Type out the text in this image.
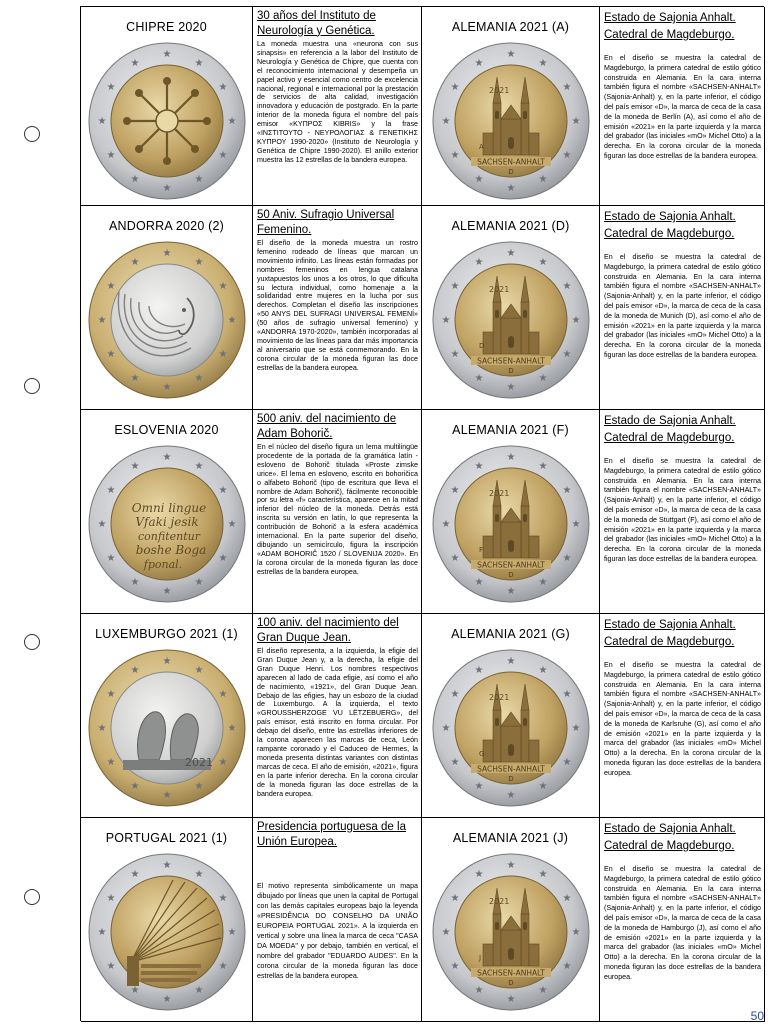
CHIPRE 2020
30 años del Instituto de Neurología y Genética.
La moneda muestra una «neurona con sus sinapsis» en referencia a la labor del Instituto de Neurología y Genética de Chipre, que cuenta con el reconocimiento internacional y desempeña un papel activo y esencial como centro de excelencia nacional, regional e internacional por la prestación de servicios de alta calidad, investigación innovadora y educación de postgrado. En la parte interior de la moneda figura el nombre del país emisor «ΚΥΠΡΟΣ KIBRIS» y la frase «ΙΝΣΤΙΤΟΥΤΟ - ΝΕΥΡΟΛΟΓΙΑΣ & ΓΕΝΕΤΙΚΗΣ ΚΥΠΡΟΥ 1990-2020» (Instituto de Neurología y Genética de Chipre 1990-2020). El anillo exterior muestra las 12 estrellas de la bandera europea.
ALEMANIA 2021 (A)
2021
SACHSEN-ANHALT
D
A
Estado de Sajonia Anhalt. Catedral de Magdeburgo.
En el diseño se muestra la catedral de Magdeburgo, la primera catedral de estilo gótico construida en Alemania. En la cara interna también figura el nombre «SACHSEN-ANHALT» (Sajonia-Anhalt) y, en la parte inferior, el código del país emisor «D», la marca de ceca de la casa de la moneda de Berlín (A), así como el año de emisión «2021» en la parte izquierda y la marca del grabador (las iniciales «mO» Michel Otto) a la derecha. En la corona circular de la moneda figuran las doce estrellas de la bandera europea.
ANDORRA 2020 (2)
50 Aniv. Sufragio Universal Femenino.
El diseño de la moneda muestra un rostro femenino rodeado de líneas que marcan un movimiento infinito. Las líneas están formadas por nombres femeninos en lengua catalana yuxtapuestos los unos a los otros, lo que dificulta su lectura individual, como homenaje a la solidaridad entre mujeres en la lucha por sus derechos. Completan el diseño las inscripciones «50 ANYS DEL SUFRAGI UNIVERSAL FEMENÍ» (50 años de sufragio universal femenino) y «ANDORRA 1970-2020», también incorporadas al movimiento de las líneas para dar más importancia al aniversario que se está conmemorando. En la corona circular de la moneda figuran las doce estrellas de la bandera europea.
ALEMANIA 2021 (D)
2021
SACHSEN-ANHALT
D
D
Estado de Sajonia Anhalt. Catedral de Magdeburgo.
En el diseño se muestra la catedral de Magdeburgo, la primera catedral de estilo gótico construida en Alemania. En la cara interna también figura el nombre «SACHSEN-ANHALT» (Sajonia-Anhalt) y, en la parte inferior, el código del país emisor «D», la marca de ceca de la casa de la moneda de Munich (D), así como el año de emisión «2021» en la parte izquierda y la marca del grabador (las iniciales «mO» Michel Otto) a la derecha. En la corona circular de la moneda figuran las doce estrellas de la bandera europea.
ESLOVENIA 2020
Omni lingue
Vfaki jesik
confitentur
boshe Boga
fponal.
500 aniv. del nacimiento de Adam Bohorič.
En el núcleo del diseño figura un lema multilingüe procedente de la portada de la gramática latín - esloveno de Bohorič titulada «Proste zimske urice». El lema en esloveno, escrito en bohoričica o alfabeto Bohorič (tipo de escritura que lleva el nombre de Adam Bohorič), fácilmente reconocible por su letra «f» característica, aparece en la mitad inferior del núcleo de la moneda. Detrás está inscrita su versión en latín, lo que representa la contribución de Bohorič a la esfera académica internacional. En la parte superior del diseño, dibujando un semicírculo, figura la inscripción «ADAM BOHORIČ 1520 / SLOVENIJA 2020». En la corona circular de la moneda figuran las doce estrellas de la bandera europea.
ALEMANIA 2021 (F)
2021
SACHSEN-ANHALT
D
F
Estado de Sajonia Anhalt. Catedral de Magdeburgo.
En el diseño se muestra la catedral de Magdeburgo, la primera catedral de estilo gótico construida en Alemania. En la cara interna también figura el nombre «SACHSEN-ANHALT» (Sajonia-Anhalt) y, en la parte inferior, el código del país emisor «D», la marca de ceca de la casa de la moneda de Stuttgart (F), así como el año de emisión «2021» en la parte izquierda y la marca del grabador (las iniciales «mO» Michel Otto) a la derecha. En la corona circular de la moneda figuran las doce estrellas de la bandera europea.
LUXEMBURGO 2021 (1)
2021
100 aniv. del nacimiento del Gran Duque Jean.
El diseño representa, a la izquierda, la efigie del Gran Duque Jean y, a la derecha, la efigie del Gran Duque Henri. Los nombres respectivos aparecen al lado de cada efigie, así como el año de nacimiento, «1921», del Gran Duque Jean. Debajo de las efigies, hay un esbozo de la ciudad de Luxemburgo. A la izquierda, el texto «GROUSSHERZOGE VU LËTZEBUERG», del país emisor, está inscrito en forma circular. Por debajo del diseño, entre las estrellas inferiores de la corona aparecen las marcas de ceca, León rampante coronado y el Caduceo de Hermes, la moneda presenta distintas variantes con distintas marcas de ceca. El año de emisión, «2021», figura en la parte inferior derecha. En la corona circular de la moneda figuran las doce estrellas de la bandera europea.
ALEMANIA 2021 (G)
2021
SACHSEN-ANHALT
D
G
Estado de Sajonia Anhalt. Catedral de Magdeburgo.
En el diseño se muestra la catedral de Magdeburgo, la primera catedral de estilo gótico construida en Alemania. En la cara interna también figura el nombre «SACHSEN-ANHALT» (Sajonia-Anhalt) y, en la parte inferior, el código del país emisor «D», la marca de ceca de la casa de la moneda de Karlsruhe (G), así como el año de emisión «2021» en la parte izquierda y la marca del grabador (las iniciales «mO» Michel Otto) a la derecha. En la corona circular de la moneda figuran las doce estrellas de la bandera europea.
PORTUGAL 2021 (1)
Presidencia portuguesa de la Unión Europea.
El motivo representa simbólicamente un mapa dibujado por líneas que unen la capital de Portugal con las demás capitales europeas bajo la leyenda «PRESIDÊNCIA DO CONSELHO DA UNIÃO EUROPEIA PORTUGAL 2021». A la izquierda en vertical y sobre una línea la marca de ceca "CASA DA MOEDA" y por debajo, también en vertical, el nombre del grabador "EDUARDO AUDES". En la corona circular de la moneda figuran las doce estrellas de la bandera europea.
ALEMANIA 2021 (J)
2021
SACHSEN-ANHALT
D
J
Estado de Sajonia Anhalt. Catedral de Magdeburgo.
En el diseño se muestra la catedral de Magdeburgo, la primera catedral de estilo gótico construida en Alemania. En la cara interna también figura el nombre «SACHSEN-ANHALT» (Sajonia-Anhalt) y, en la parte inferior, el código del país emisor «D», la marca de ceca de la casa de la moneda de Hamburgo (J), así como el año de emisión «2021» en la parte izquierda y la marca del grabador (las iniciales «mO» Michel Otto) a la derecha. En la corona circular de la moneda figuran las doce estrellas de la bandera europea.
50
